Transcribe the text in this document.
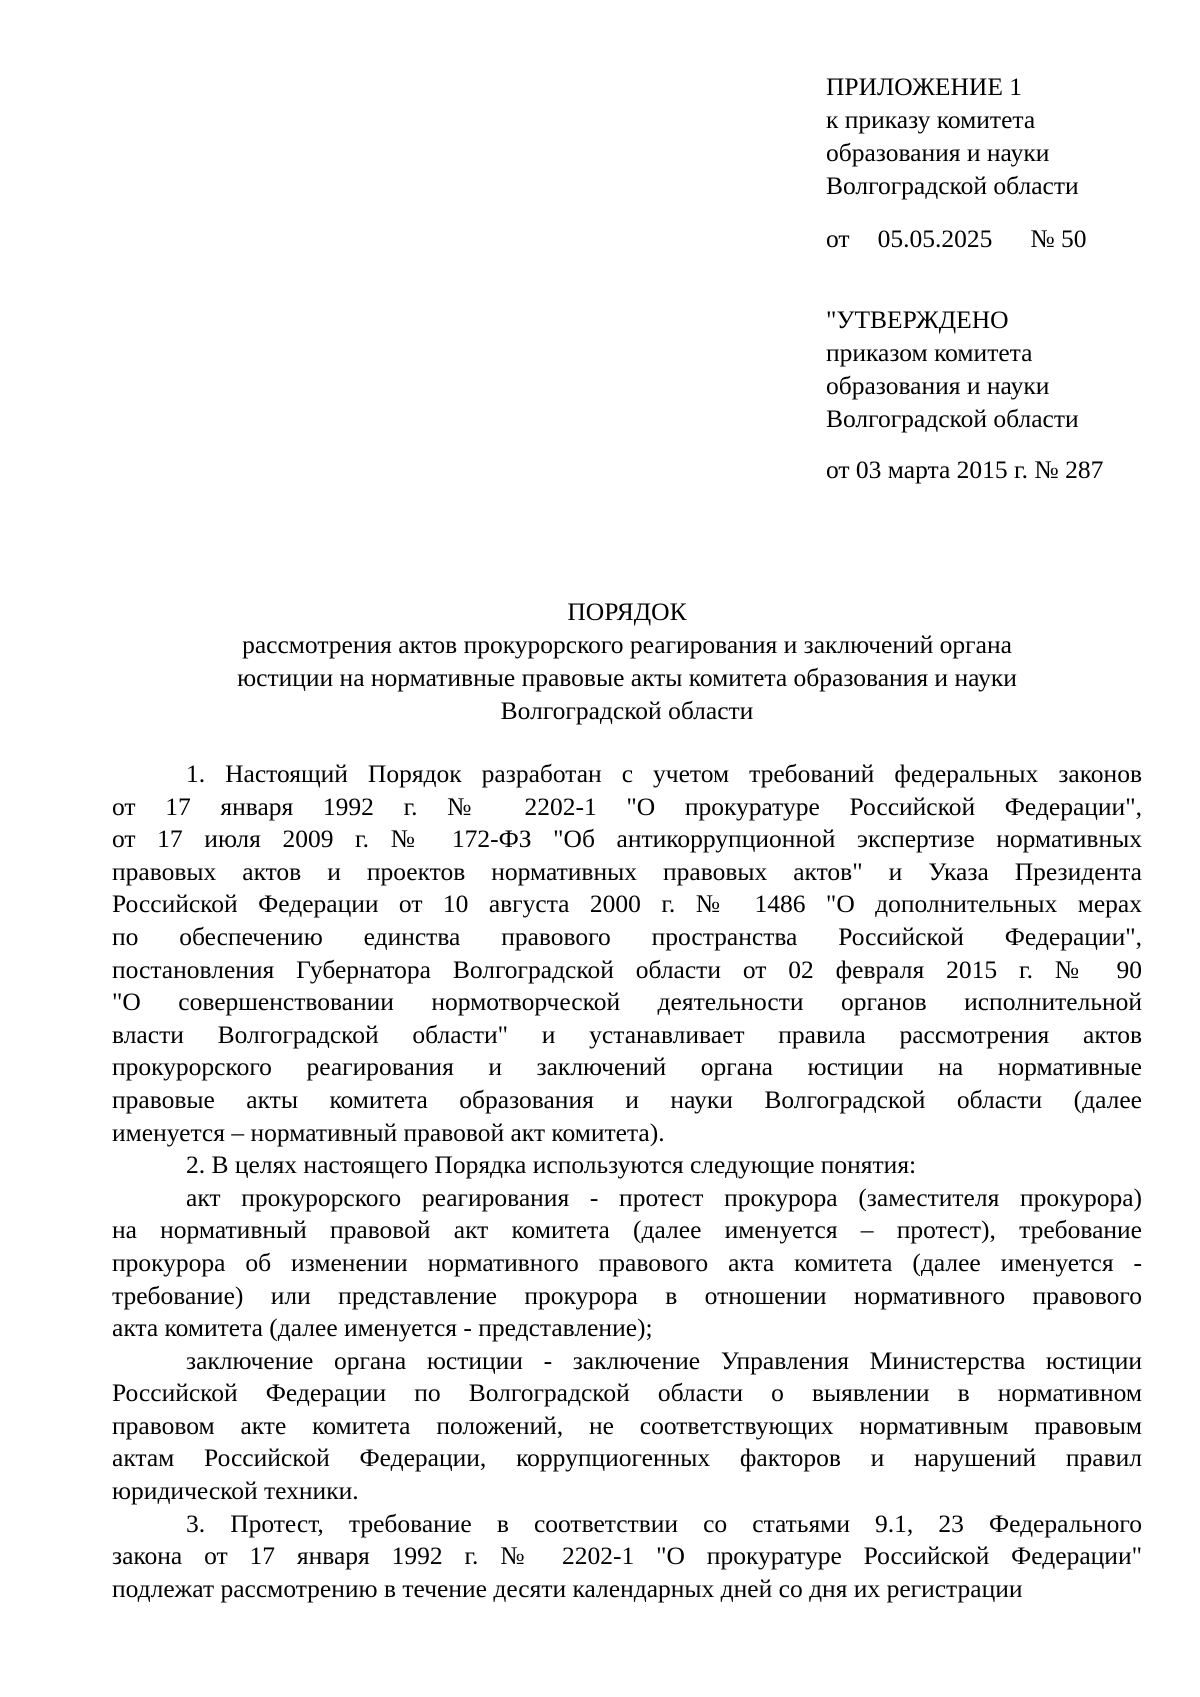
ПРИЛОЖЕНИЕ 1
к приказу комитета
образования и науки
Волгоградской области
от 05.05.2025 № 50
"УТВЕРЖДЕНО
приказом комитета
образования и науки
Волгоградской области
от 03 марта 2015 г. № 287
ПОРЯДОК
рассмотрения актов прокурорского реагирования и заключений органа
юстиции на нормативные правовые акты комитета образования и науки
Волгоградской области
1. Настоящий Порядок разработан с учетом требований федеральных законов
от 17 января 1992 г. № 2202-1 "О прокуратуре Российской Федерации",
от 17 июля 2009 г. № 172-ФЗ "Об антикоррупционной экспертизе нормативных
правовых актов и проектов нормативных правовых актов" и Указа Президента
Российской Федерации от 10 августа 2000 г. № 1486 "О дополнительных мерах
по обеспечению единства правового пространства Российской Федерации",
постановления Губернатора Волгоградской области от 02 февраля 2015 г. № 90
"О совершенствовании нормотворческой деятельности органов исполнительной
власти Волгоградской области" и устанавливает правила рассмотрения актов
прокурорского реагирования и заключений органа юстиции на нормативные
правовые акты комитета образования и науки Волгоградской области (далее
именуется – нормативный правовой акт комитета).
2. В целях настоящего Порядка используются следующие понятия:
акт прокурорского реагирования - протест прокурора (заместителя прокурора)
на нормативный правовой акт комитета (далее именуется – протест), требование
прокурора об изменении нормативного правового акта комитета (далее именуется -
требование) или представление прокурора в отношении нормативного правового
акта комитета (далее именуется - представление);
заключение органа юстиции - заключение Управления Министерства юстиции
Российской Федерации по Волгоградской области о выявлении в нормативном
правовом акте комитета положений, не соответствующих нормативным правовым
актам Российской Федерации, коррупциогенных факторов и нарушений правил
юридической техники.
3. Протест, требование в соответствии со статьями 9.1, 23 Федерального
закона от 17 января 1992 г. № 2202-1 "О прокуратуре Российской Федерации"
подлежат рассмотрению в течение десяти календарных дней со дня их регистрации
